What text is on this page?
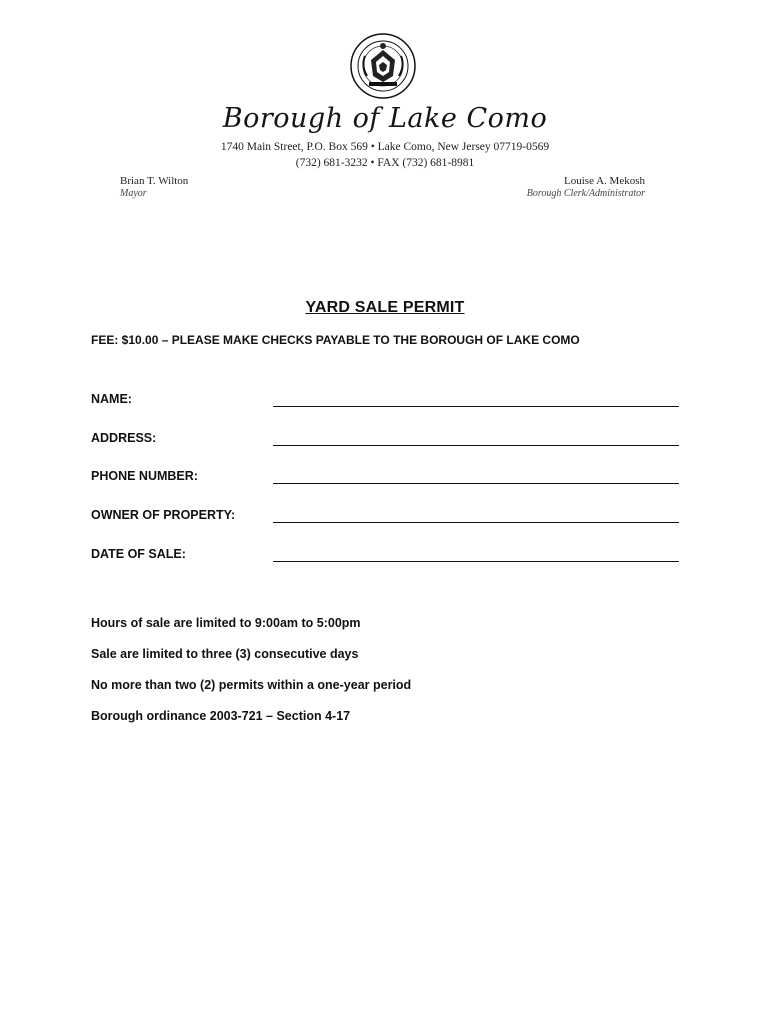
Borough of Lake Como
1740 Main Street, P.O. Box 569 • Lake Como, New Jersey 07719-0569
(732) 681-3232 • FAX (732) 681-8981
Brian T. Wilton
Mayor
Louise A. Mekosh
Borough Clerk/Administrator
YARD SALE PERMIT
FEE: $10.00 – PLEASE MAKE CHECKS PAYABLE TO THE BOROUGH OF LAKE COMO
NAME:
ADDRESS:
PHONE NUMBER:
OWNER OF PROPERTY:
DATE OF SALE:
Hours of sale are limited to 9:00am to 5:00pm
Sale are limited to three (3) consecutive days
No more than two (2) permits within a one-year period
Borough ordinance 2003-721 – Section 4-17
